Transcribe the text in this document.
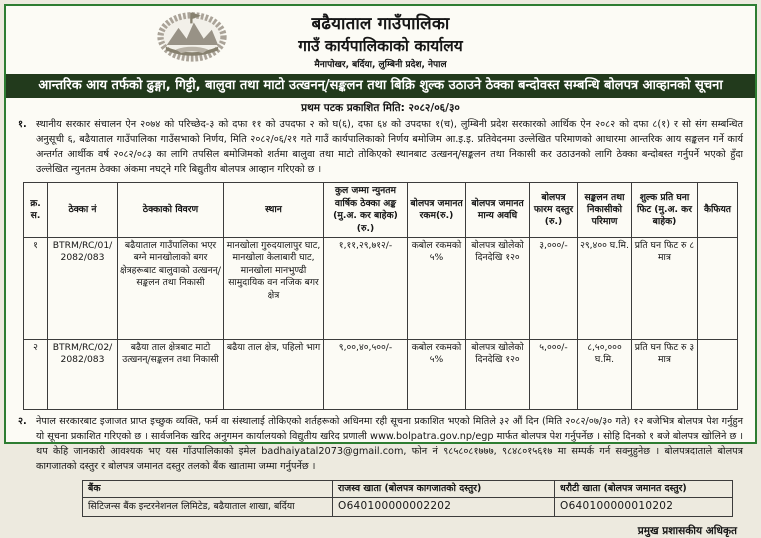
बढैयाताल गाउँपालिका
गाउँ कार्यपालिकाको कार्यालय
मैनापोखर, बर्दिया, लुम्बिनी प्रदेश, नेपाल
आन्तरिक आय तर्फको ढुङ्गा, गिट्टी, बालुवा तथा माटो उत्खनन्/सङ्कलन तथा बिक्रि शुल्क उठाउने ठेक्का बन्दोवस्त सम्बन्धि बोलपत्र आव्हानको सूचना
प्रथम पटक प्रकाशित मिति: २०८२/०६/३०
१. स्थानीय सरकार संचालन ऐन २०७४ को परिच्छेद-३ को दफा ११ को उपदफा २ को घ(६), दफा ६४ को उपदफा १(च), लुम्बिनी प्रदेश सरकारको आर्थिक ऐन २०८२ को दफा ८(१) र सो संग सम्बन्धित अनुसूची ६, बढैयाताल गाउँपालिका गाउँसभाको निर्णय, मिति २०८२/०६/२१ गते गाउँ कार्यपालिकाको निर्णय बमोजिम आ.इ.इ. प्रतिवेदनमा उल्लेखित परिमाणको आधारमा आन्तरिक आय सङ्कलन गर्ने कार्य अन्तर्गत आर्थीक वर्ष २०८२/०८३ का लागि तपसिल बमोजिमको शर्तमा बालुवा तथा माटो तोकिएको स्थानबाट उत्खनन्/सङ्कलन तथा निकासी कर उठाउनको लागि ठेक्का बन्दोबस्त गर्नुपर्ने भएको हुँदा उल्लेखित न्युनतम ठेक्का अंकमा नघट्ने गरि बिद्युतीय बोलपत्र आव्हान गरिएको छ ।
क्र. स.	ठेक्का नं	ठेक्काको विवरण	स्थान	कुल जम्मा न्युनतम वार्षिक ठेक्का अङ्क (मु.अ. कर बाहेक) (रु.)	बोलपत्र जमानत रकम(रु.)	बोलपत्र जमानत मान्य अवधि	बोलपत्र फारम दस्तुर (रु.)	सङ्कलन तथा निकासीको परिमाण	शुल्क प्रति घना फिट (मु.अ. कर बाहेक)	कैफियत
१	BTRM/RC/01/2082/083	बढैयाताल गाउँपालिका भएर बग्ने मानखोलाको बगर क्षेत्रहरूबाट बालुवाको उत्खनन्/ सङ्कलन तथा निकासी	मानखोला गुरुदयालापुर घाट, मानखोला केलाबारी घाट, मानखोला मानभुण्ढी सामुदायिक वन नजिक बगर क्षेत्र	१,११,२९,७१२/-	कबोल रकमको ५%	बोलपत्र खोलेको दिनदेखि १२०	३,०००/-	२९,४०० घ.मि.	प्रति घन फिट रु ८ मात्र	
२	BTRM/RC/02/2082/083	बढैया ताल क्षेत्रबाट माटो उत्खनन्/सङ्कलन तथा निकासी	बढैया ताल क्षेत्र, पहिलो भाग	९,००,४०,५००/-	कबोल रकमको ५%	बोलपत्र खोलेको दिनदेखि १२०	५,०००/-	८,५०,००० घ.मि.	प्रति घन फिट रु ३ मात्र	
२. नेपाल सरकारबाट इजाजत प्राप्त इच्छुक व्यक्ति, फर्म वा संस्थालाई तोकिएको शर्तहरूको अधिनमा रही सूचना प्रकाशित भएको मितिले ३२ औं दिन (मिति २०८२/०७/३० गते) १२ बजेभित्र बोलपत्र पेश गर्नुहुन यो सूचना प्रकाशित गरिएको छ । सार्वजनिक खरिद अनुगमन कार्यालयको विद्युतीय खरिद प्रणाली www.bolpatra.gov.np/egp मार्फत बोलपत्र पेश गर्नुपर्नेछ । सोहि दिनको १ बजे बोलपत्र खोलिने छ । थप केहि जानकारी आवश्यक भए यस गाँउपालिकाको इमेल badhaiyatal2073@gmail.com, फोन नं ९८५८०८१७७७, ९८४८०१५६१७ मा सम्पर्क गर्न सक्नुहुनेछ । बोलपत्रदाताले बोलपत्र कागजातको दस्तुर र बोलपत्र जमानत दस्तुर तलको बैंक खातामा जम्मा गर्नुपर्नेछ ।
बैंक	राजस्व खाता (बोलपत्र कागजातको दस्तुर)	धरौटी खाता (बोलपत्र जमानत दस्तुर)
सिटिजन्स बैंक इन्टरनेशनल लिमिटेड, बढैयाताल शाखा, बर्दिया	O640100000002202	O640100000010202
प्रमुख प्रशासकीय अधिकृत
